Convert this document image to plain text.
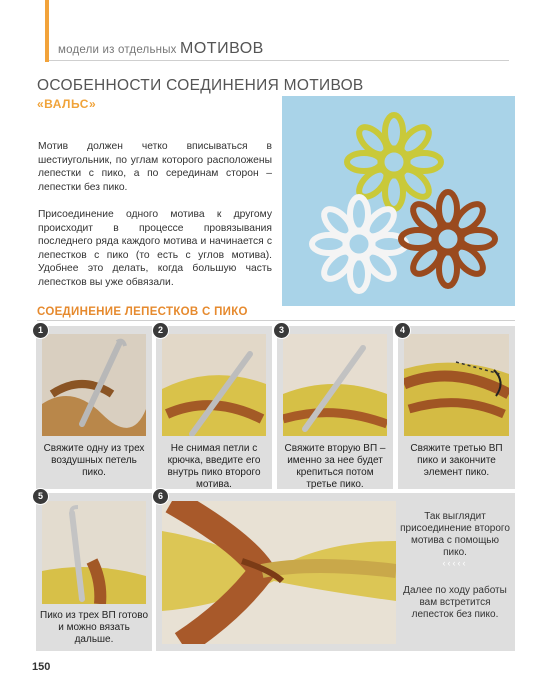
модели из отдельных МОТИВОВ
ОСОБЕННОСТИ СОЕДИНЕНИЯ МОТИВОВ
«ВАЛЬС»
Мотив должен четко вписываться в шестиугольник, по углам которого расположены лепестки с пико, а по серединам сторон – лепестки без пико.
Присоединение одного мотива к другому происходит в процессе провязывания последнего ряда каждого мотива и начинается с лепестков с пико (то есть с углов мотива). Удобнее это делать, когда большую часть лепестков вы уже обвязали.
СОЕДИНЕНИЕ ЛЕПЕСТКОВ С ПИКО
Свяжите одну из трех воздушных петель пико.
1
Не снимая петли с крючка, введите его внутрь пико второго мотива.
2
Свяжите вторую ВП – именно за нее будет крепиться потом третье пико.
3
Свяжите третью ВП пико и закончите элемент пико.
4
Пико из трех ВП готово и можно вязать дальше.
5
Так выглядит присоединение второго мотива с помощью пико.
‹‹‹‹‹
Далее по ходу работы вам встретится лепесток без пико.
6
150
